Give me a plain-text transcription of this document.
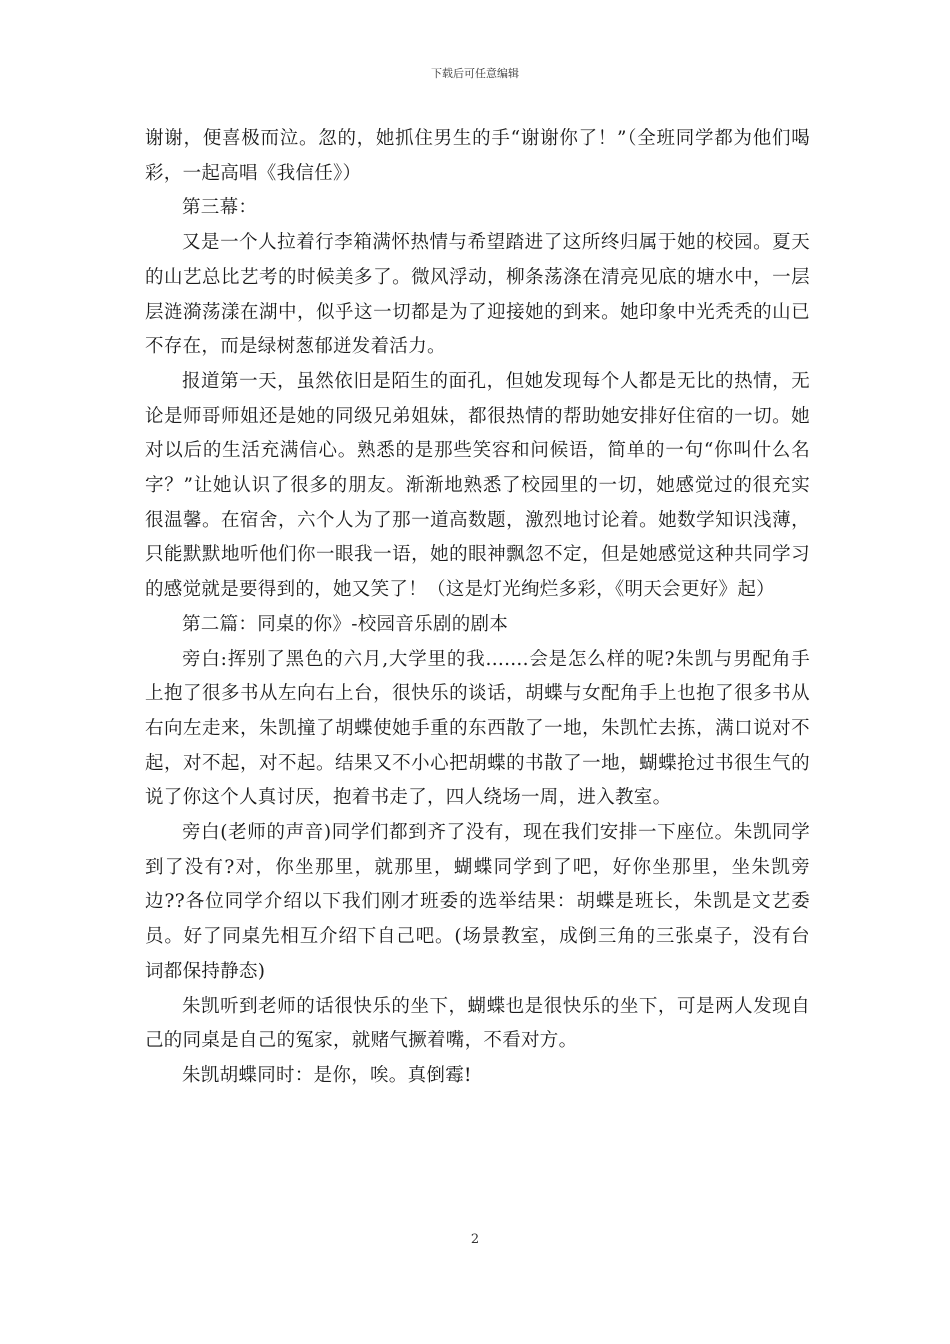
下载后可任意编辑

谢谢，便喜极而泣。忽的，她抓住男生的手“谢谢你了！”（全班同学都为他们喝彩，一起高唱《我信任》）

第三幕：

又是一个人拉着行李箱满怀热情与希望踏进了这所终归属于她的校园。夏天的山艺总比艺考的时候美多了。微风浮动，柳条荡涤在清亮见底的塘水中，一层层涟漪荡漾在湖中，似乎这一切都是为了迎接她的到来。她印象中光秃秃的山已不存在，而是绿树葱郁迸发着活力。

报道第一天，虽然依旧是陌生的面孔，但她发现每个人都是无比的热情，无论是师哥师姐还是她的同级兄弟姐妹，都很热情的帮助她安排好住宿的一切。她对以后的生活充满信心。熟悉的是那些笑容和问候语，简单的一句“你叫什么名字？”让她认识了很多的朋友。渐渐地熟悉了校园里的一切，她感觉过的很充实很温馨。在宿舍，六个人为了那一道高数题，激烈地讨论着。她数学知识浅薄，只能默默地听他们你一眼我一语，她的眼神飘忽不定，但是她感觉这种共同学习的感觉就是要得到的，她又笑了！（这是灯光绚烂多彩，《明天会更好》起）

第二篇：同桌的你》-校园音乐剧的剧本

旁白:挥别了黑色的六月,大学里的我.......会是怎么样的呢?朱凯与男配角手上抱了很多书从左向右上台，很快乐的谈话，胡蝶与女配角手上也抱了很多书从右向左走来，朱凯撞了胡蝶使她手重的东西散了一地，朱凯忙去拣，满口说对不起，对不起，对不起。结果又不小心把胡蝶的书散了一地，蝴蝶抢过书很生气的说了你这个人真讨厌，抱着书走了，四人绕场一周，进入教室。

旁白(老师的声音)同学们都到齐了没有，现在我们安排一下座位。朱凯同学到了没有?对，你坐那里，就那里，蝴蝶同学到了吧，好你坐那里，坐朱凯旁边??各位同学介绍以下我们刚才班委的选举结果：胡蝶是班长，朱凯是文艺委员。好了同桌先相互介绍下自己吧。(场景教室，成倒三角的三张桌子，没有台词都保持静态)

朱凯听到老师的话很快乐的坐下，蝴蝶也是很快乐的坐下，可是两人发现自己的同桌是自己的冤家，就赌气撅着嘴，不看对方。

朱凯胡蝶同时：是你，唉。真倒霉!

2
